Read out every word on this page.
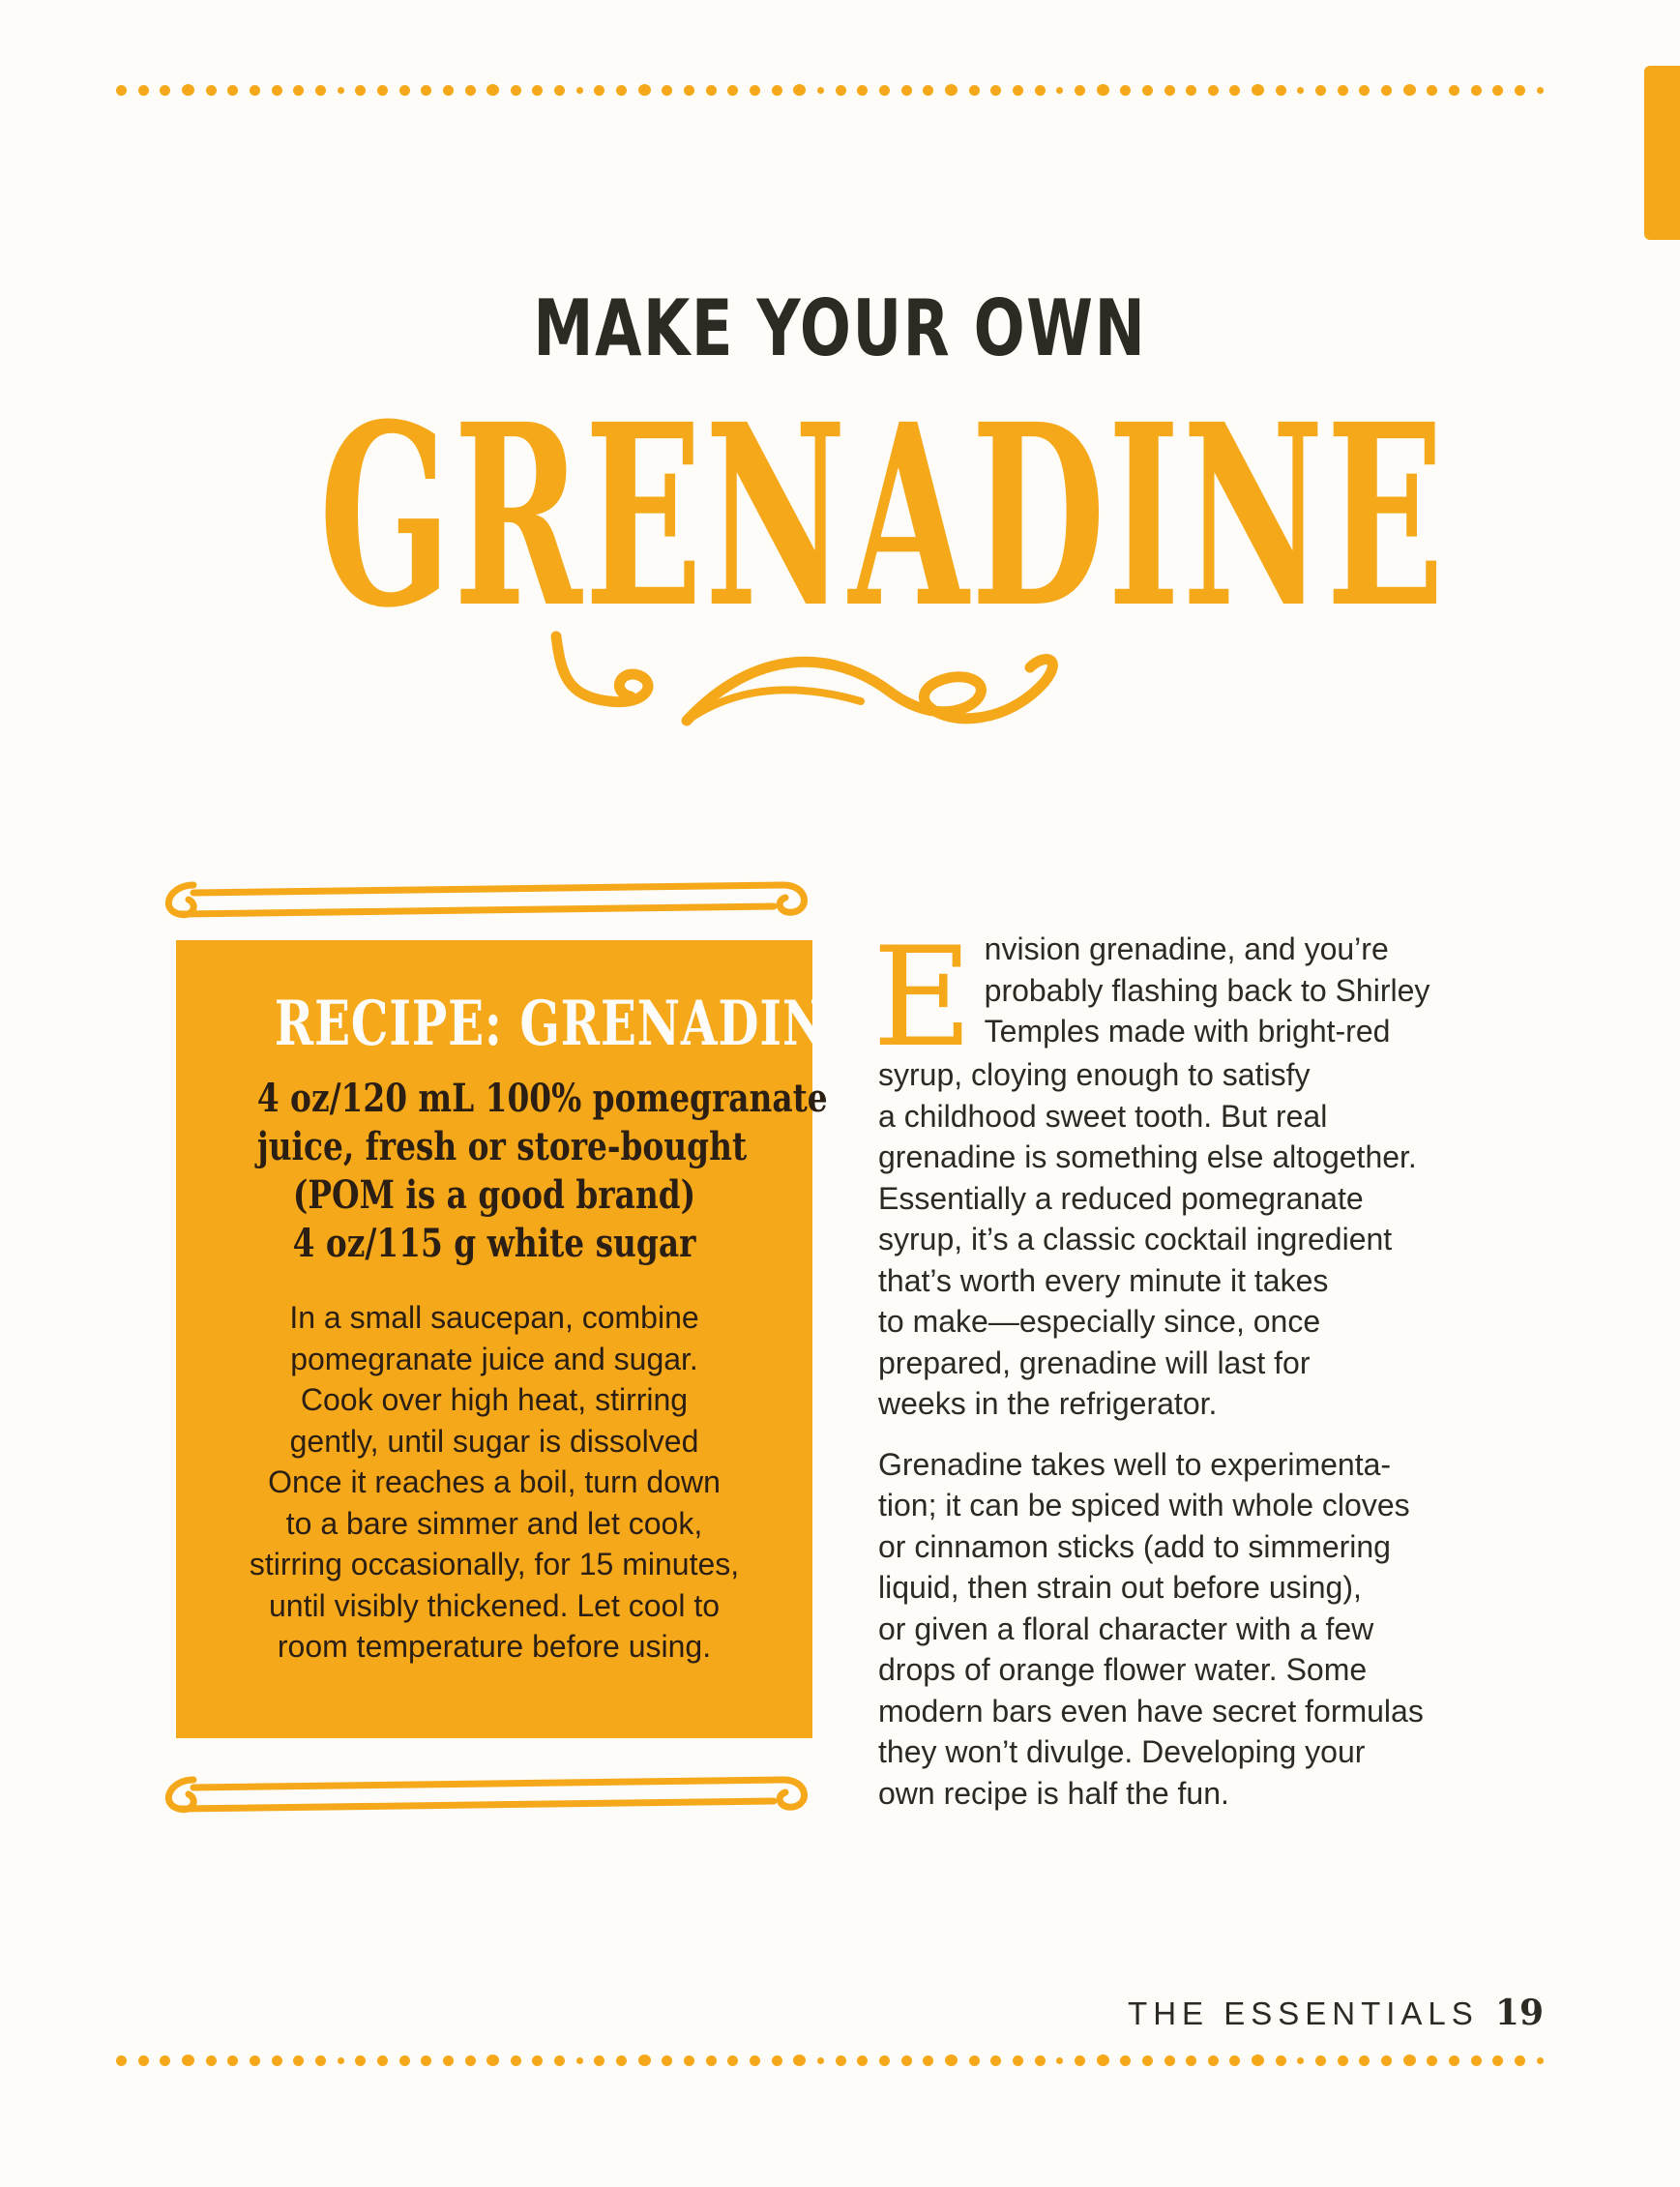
MAKE YOUR OWN
GRENADINE
RECIPE: GRENADINE
4 oz/120 mL 100% pomegranate
juice, fresh or store-bought
(POM is a good brand)
4 oz/115 g white sugar
In a small saucepan, combine
pomegranate juice and sugar.
Cook over high heat, stirring
gently, until sugar is dissolved
Once it reaches a boil, turn down
to a bare simmer and let cook,
stirring occasionally, for 15 minutes,
until visibly thickened. Let cool to
room temperature before using.

E nvision grenadine, and you’re
probably flashing back to Shirley
Temples made with bright-red
syrup, cloying enough to satisfy
a childhood sweet tooth. But real
grenadine is something else altogether.
Essentially a reduced pomegranate
syrup, it’s a classic cocktail ingredient
that’s worth every minute it takes
to make—especially since, once
prepared, grenadine will last for
weeks in the refrigerator.

Grenadine takes well to experimenta-
tion; it can be spiced with whole cloves
or cinnamon sticks (add to simmering
liquid, then strain out before using),
or given a floral character with a few
drops of orange flower water. Some
modern bars even have secret formulas
they won’t divulge. Developing your
own recipe is half the fun.

THE ESSENTIALS 19
